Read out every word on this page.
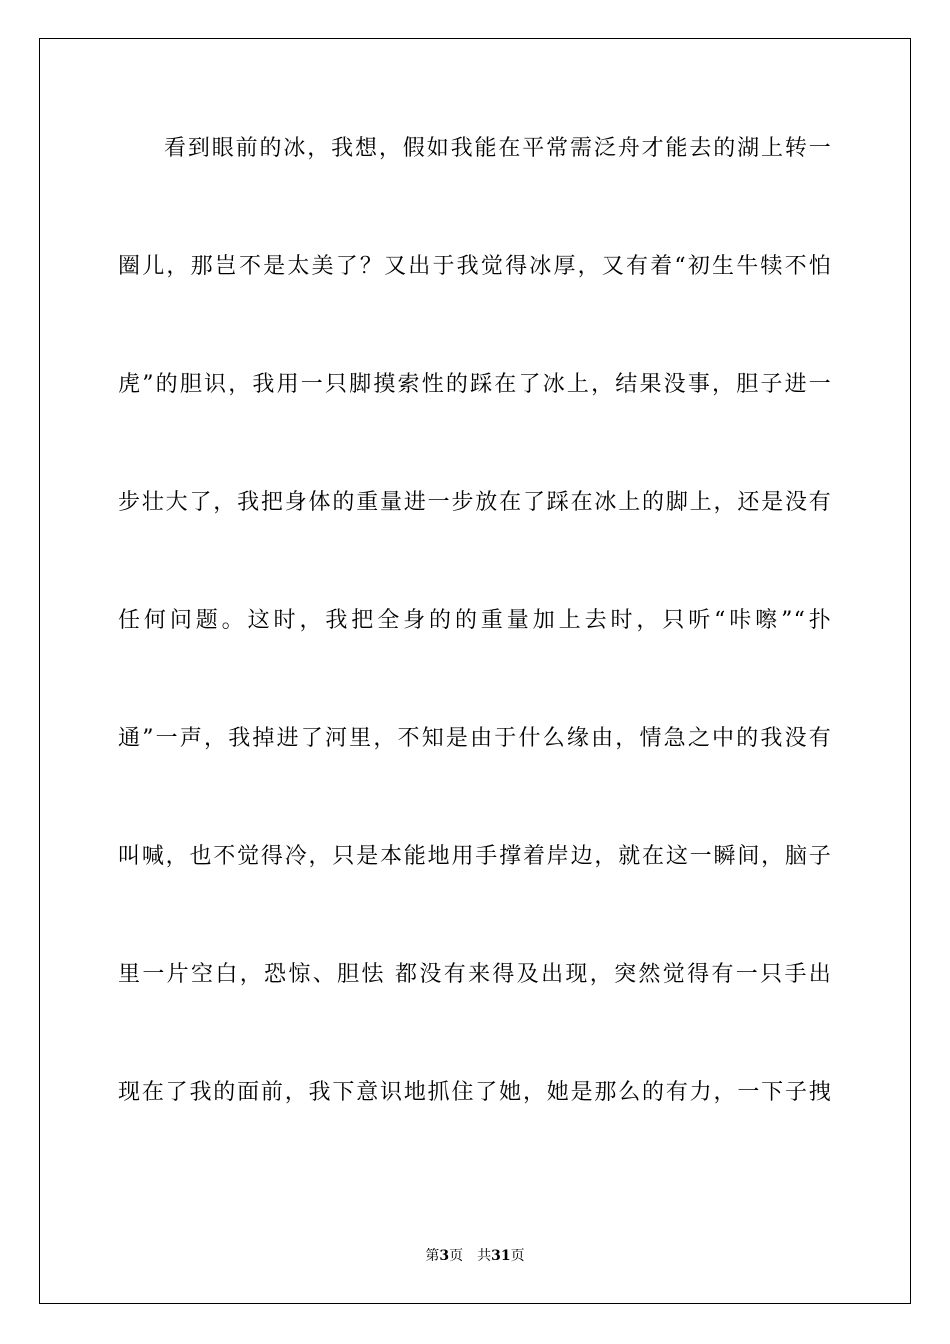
看到眼前的冰，我想，假如我能在平常需泛舟才能去的湖上转一
圈儿，那岂不是太美了？又出于我觉得冰厚，又有着“初生牛犊不怕
虎”的胆识，我用一只脚摸索性的踩在了冰上，结果没事，胆子进一
步壮大了，我把身体的重量进一步放在了踩在冰上的脚上，还是没有
任何问题。这时，我把全身的的重量加上去时，只听“咔嚓”“扑
通”一声，我掉进了河里，不知是由于什么缘由，情急之中的我没有
叫喊，也不觉得冷，只是本能地用手撑着岸边，就在这一瞬间，脑子
里一片空白，恐惊、胆怯 都没有来得及出现，突然觉得有一只手出
现在了我的面前，我下意识地抓住了她，她是那么的有力，一下子拽
第3页 共31页
